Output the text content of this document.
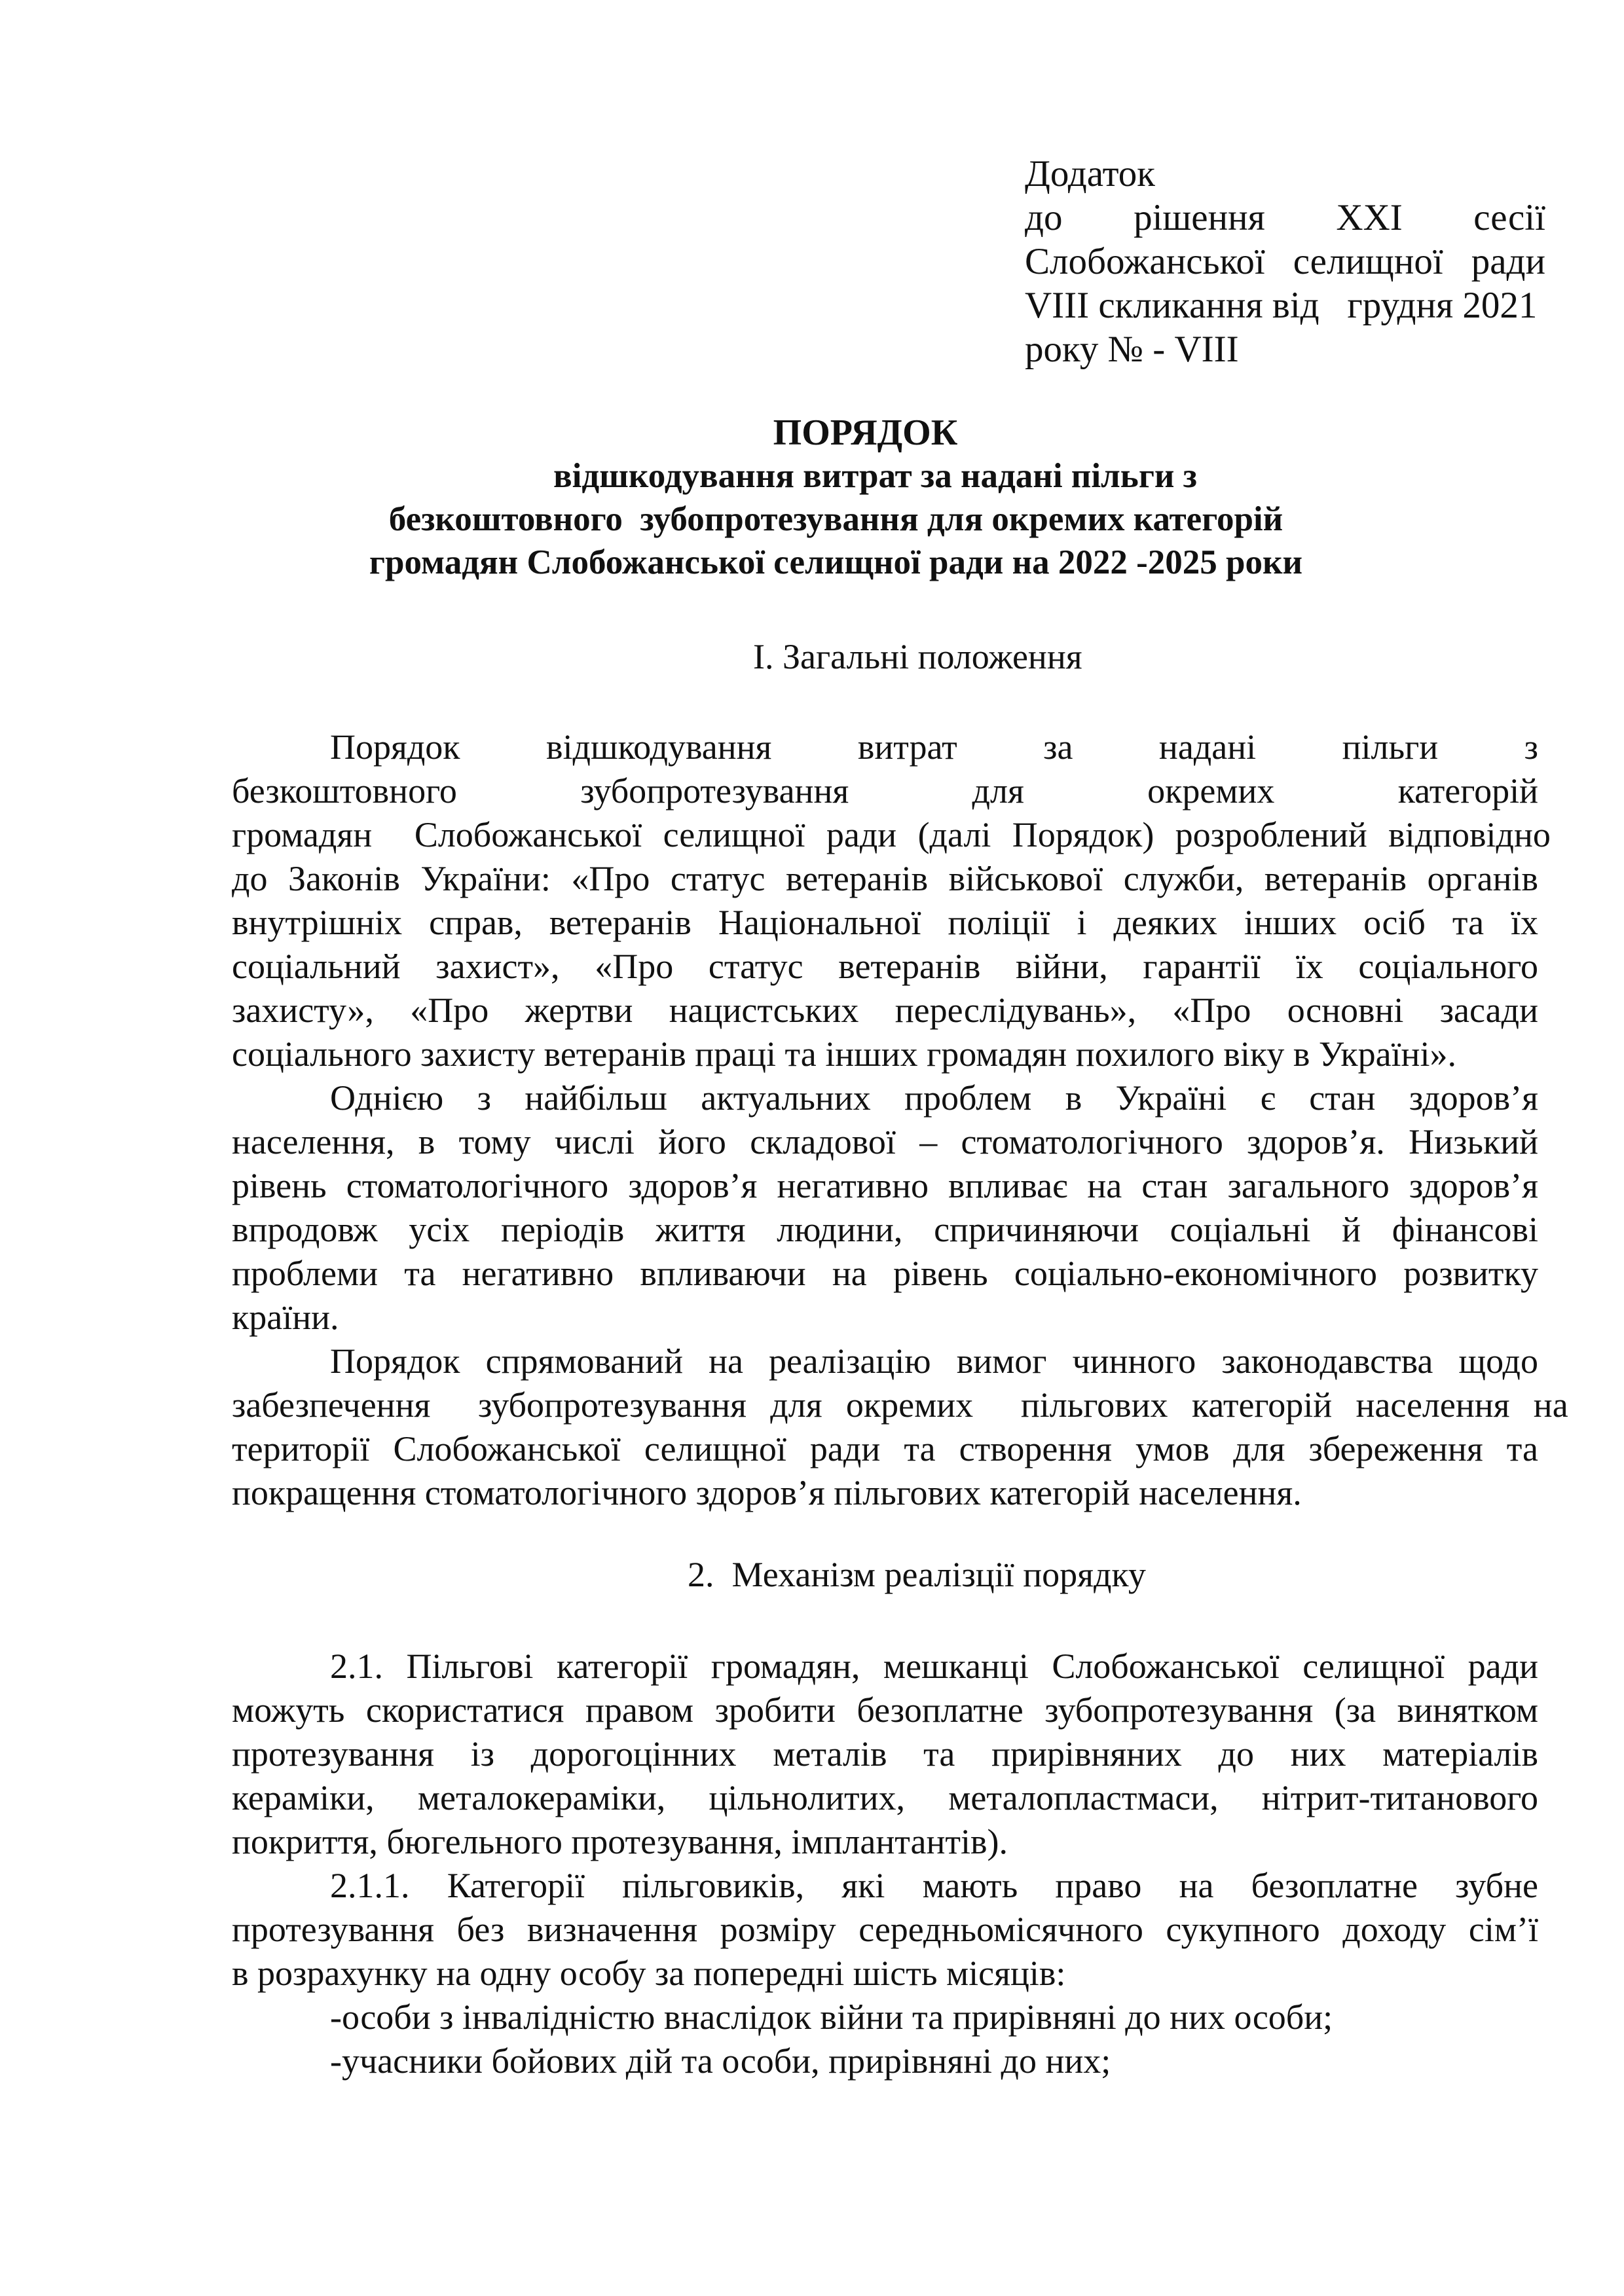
Додаток
до рішення XXI сесії
Слобожанської селищної ради
VIII скликання від   грудня 2021
року № - VIII
ПОРЯДОК
відшкодування витрат за надані пільги з
безкоштовного  зубопротезування для окремих категорій
громадян Слобожанської селищної ради на 2022 -2025 роки
І. Загальні положення
Порядок відшкодування витрат за надані пільги з
безкоштовного	зубопротезування	для	окремих	категорій
громадян  Слобожанської селищної ради (далі Порядок) розроблений відповідно
до Законів України: «Про статус ветеранів військової служби, ветеранів органів
внутрішніх справ, ветеранів Національної поліції і деяких інших осіб та їх
соціальний захист», «Про статус ветеранів війни, гарантії їх соціального
захисту», «Про жертви нацистських переслідувань», «Про основні засади
соціального захисту ветеранів праці та інших громадян похилого віку в Україні».
Однією з найбільш актуальних проблем в Україні є стан здоров’я
населення, в тому числі його складової – стоматологічного здоров’я. Низький
рівень стоматологічного здоров’я негативно впливає на стан загального здоров’я
впродовж усіх періодів життя людини, спричиняючи соціальні й фінансові
проблеми та негативно впливаючи на рівень соціально-економічного розвитку
країни.
Порядок спрямований на реалізацію вимог чинного законодавства щодо
забезпечення  зубопротезування для окремих  пільгових категорій населення на
території Слобожанської селищної ради та створення умов для збереження та
покращення стоматологічного здоров’я пільгових категорій населення.
2.  Механізм реалізції порядку
2.1. Пільгові категорії громадян, мешканці Слобожанської селищної ради
можуть скористатися правом зробити безоплатне зубопротезування (за винятком
протезування із дорогоцінних металів та прирівняних до них матеріалів
кераміки, металокераміки, цільнолитих, металопластмаси, нітрит-титанового
покриття, бюгельного протезування, імплантантів).
2.1.1. Категорії пільговиків, які мають право на безоплатне зубне
протезування без визначення розміру середньомісячного сукупного доходу сім’ї
в розрахунку на одну особу за попередні шість місяців:
-особи з інвалідністю внаслідок війни та прирівняні до них особи;
-учасники бойових дій та особи, прирівняні до них;
